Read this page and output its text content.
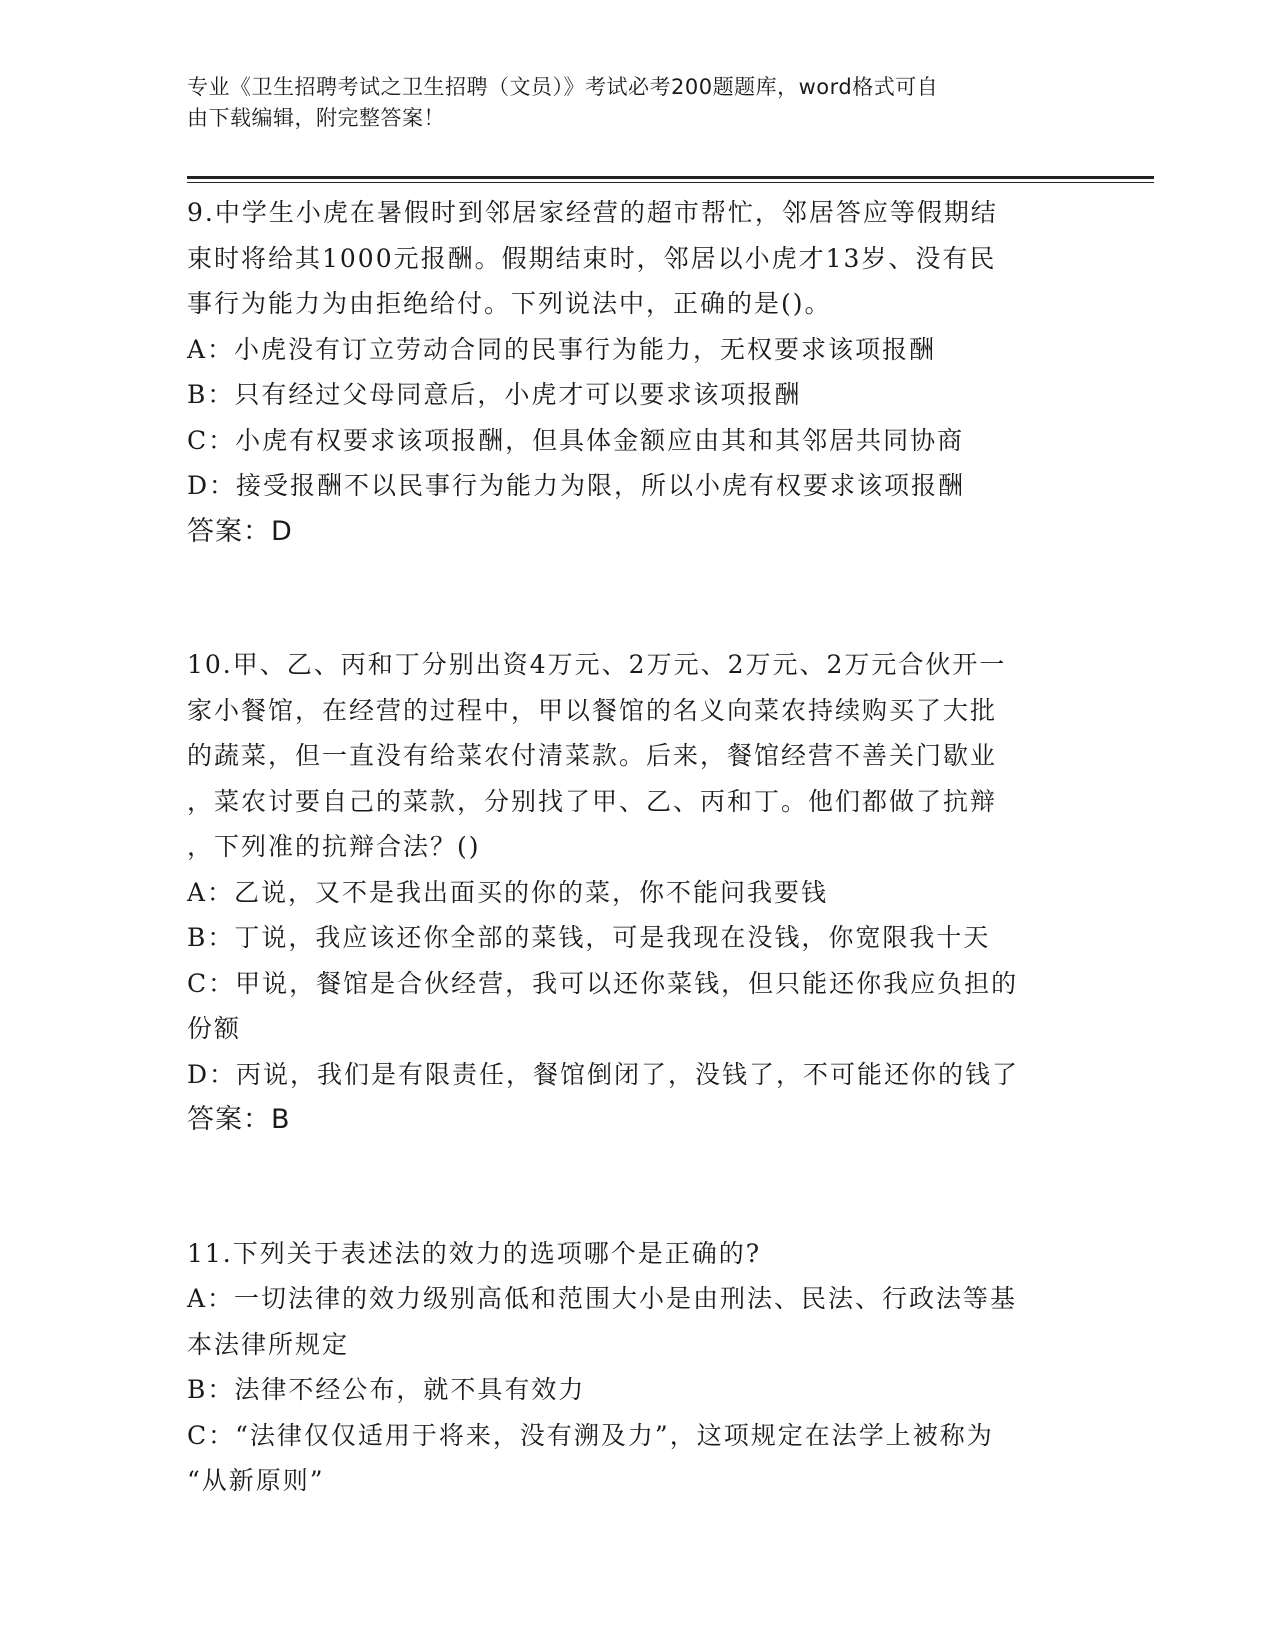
专业《卫生招聘考试之卫生招聘（文员）》考试必考200题题库，word格式可自
由下载编辑，附完整答案！
9.中学生小虎在暑假时到邻居家经营的超市帮忙，邻居答应等假期结
束时将给其1000元报酬。假期结束时，邻居以小虎才13岁、没有民
事行为能力为由拒绝给付。下列说法中，正确的是()。
A：小虎没有订立劳动合同的民事行为能力，无权要求该项报酬
B：只有经过父母同意后，小虎才可以要求该项报酬
C：小虎有权要求该项报酬，但具体金额应由其和其邻居共同协商
D：接受报酬不以民事行为能力为限，所以小虎有权要求该项报酬
答案：D
10.甲、乙、丙和丁分别出资4万元、2万元、2万元、2万元合伙开一
家小餐馆，在经营的过程中，甲以餐馆的名义向菜农持续购买了大批
的蔬菜，但一直没有给菜农付清菜款。后来，餐馆经营不善关门歇业
，菜农讨要自己的菜款，分别找了甲、乙、丙和丁。他们都做了抗辩
，下列准的抗辩合法？()
A：乙说，又不是我出面买的你的菜，你不能问我要钱
B：丁说，我应该还你全部的菜钱，可是我现在没钱，你宽限我十天
C：甲说，餐馆是合伙经营，我可以还你菜钱，但只能还你我应负担的
份额
D：丙说，我们是有限责任，餐馆倒闭了，没钱了，不可能还你的钱了
答案：B
11.下列关于表述法的效力的选项哪个是正确的?
A：一切法律的效力级别高低和范围大小是由刑法、民法、行政法等基
本法律所规定
B：法律不经公布，就不具有效力
C：“法律仅仅适用于将来，没有溯及力”，这项规定在法学上被称为
“从新原则”
